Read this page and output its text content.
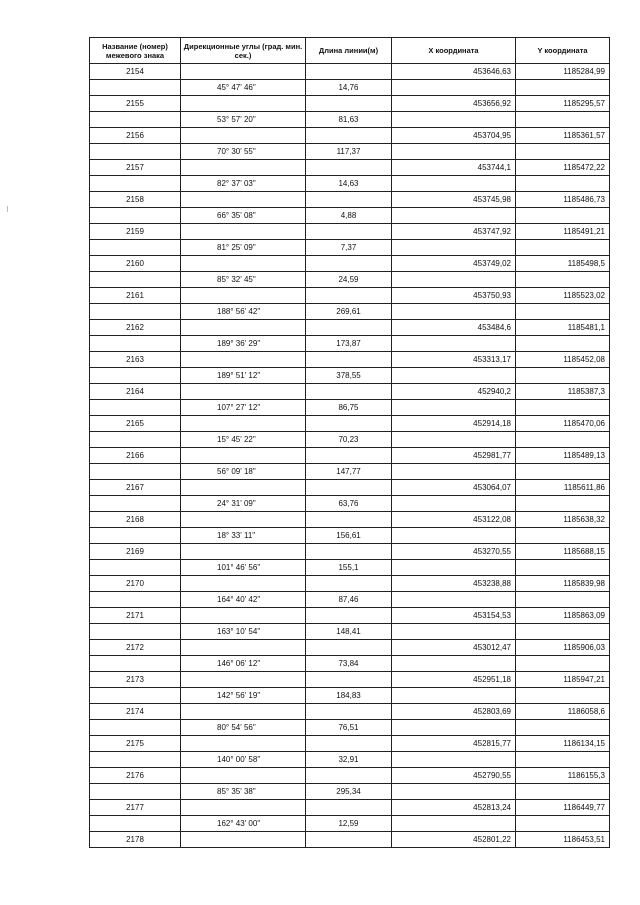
Название (номер) межевого знака	Дирекционные углы (град. мин. сек.)	Длина линии(м)	X координата	Y координата
2154			453646,63	1185284,99
	45° 47' 46"	14,76		
2155			453656,92	1185295,57
	53° 57' 20"	81,63		
2156			453704,95	1185361,57
	70° 30' 55"	117,37		
2157			453744,1	1185472,22
	82° 37' 03"	14,63		
2158			453745,98	1185486,73
	66° 35' 08"	4,88		
2159			453747,92	1185491,21
	81° 25' 09"	7,37		
2160			453749,02	1185498,5
	85° 32' 45"	24,59		
2161			453750,93	1185523,02
	188° 56' 42"	269,61		
2162			453484,6	1185481,1
	189° 36' 29"	173,87		
2163			453313,17	1185452,08
	189° 51' 12"	378,55		
2164			452940,2	1185387,3
	107° 27' 12"	86,75		
2165			452914,18	1185470,06
	15° 45' 22"	70,23		
2166			452981,77	1185489,13
	56° 09' 18"	147,77		
2167			453064,07	1185611,86
	24° 31' 09"	63,76		
2168			453122,08	1185638,32
	18° 33' 11"	156,61		
2169			453270,55	1185688,15
	101° 46' 56"	155,1		
2170			453238,88	1185839,98
	164° 40' 42"	87,46		
2171			453154,53	1185863,09
	163° 10' 54"	148,41		
2172			453012,47	1185906,03
	146° 06' 12"	73,84		
2173			452951,18	1185947,21
	142° 56' 19"	184,83		
2174			452803,69	1186058,6
	80° 54' 56"	76,51		
2175			452815,77	1186134,15
	140° 00' 58"	32,91		
2176			452790,55	1186155,3
	85° 35' 38"	295,34		
2177			452813,24	1186449,77
	162° 43' 00"	12,59		
2178			452801,22	1186453,51
